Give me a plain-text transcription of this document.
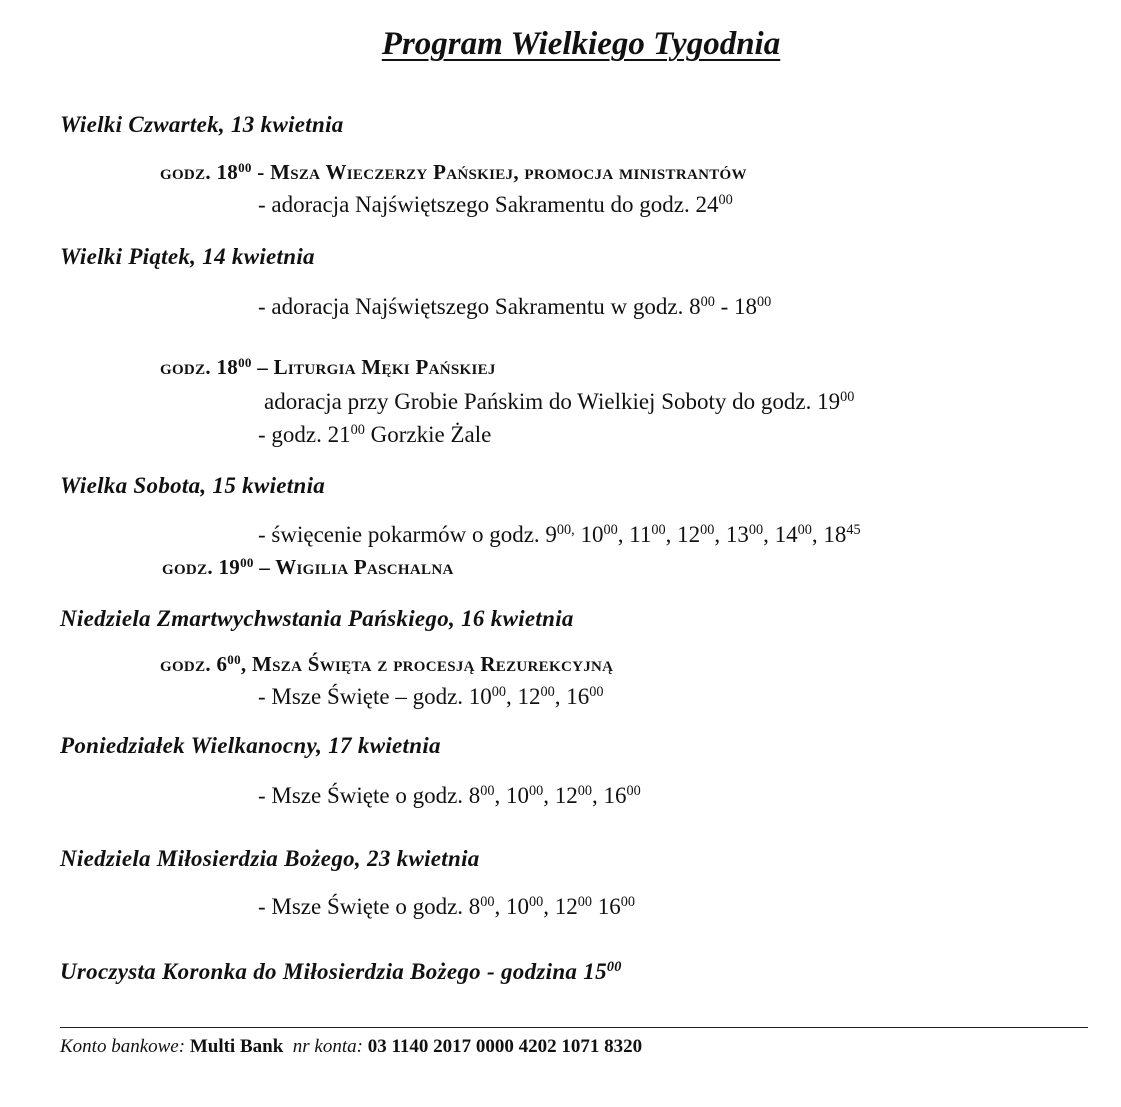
Program Wielkiego Tygodnia
Wielki Czwartek, 13 kwietnia
godz. $18^{00}$ - Msza Wieczerzy Pańskiej, promocja ministrantów
- adoracja Najświętszego Sakramentu do godz. $24^{00}$
Wielki Piątek, 14 kwietnia
- adoracja Najświętszego Sakramentu w godz. $8^{00} - 18^{00}$
godz. $18^{00}$ – Liturgia Męki Pańskiej
adoracja przy Grobie Pańskim do Wielkiej Soboty do godz. $19^{00}$
- godz. $21^{00}$ Gorzkie Żale
Wielka Sobota, 15 kwietnia
- święcenie pokarmów o godz. $9^{00,}$ $10^{00}$, $11^{00}$, $12^{00}$, $13^{00}$, $14^{00}$, $18^{45}$
godz. $19^{00}$ – Wigilia Paschalna
Niedziela Zmartwychwstania Pańskiego, 16 kwietnia
godz. $6^{00}$, Msza Święta z procesją Rezurekcyjną
- Msze Święte – godz. $10^{00}$, $12^{00}$, $16^{00}$
Poniedziałek Wielkanocny, 17 kwietnia
- Msze Święte o godz. $8^{00}$, $10^{00}$, $12^{00}$, $16^{00}$
Niedziela Miłosierdzia Bożego, 23 kwietnia
- Msze Święte o godz. $8^{00}$, $10^{00}$, $12^{00}$ $16^{00}$
Uroczysta Koronka do Miłosierdzia Bożego - godzina $15^{00}$
Konto bankowe: Multi Bank nr konta: 03 1140 2017 0000 4202 1071 8320
